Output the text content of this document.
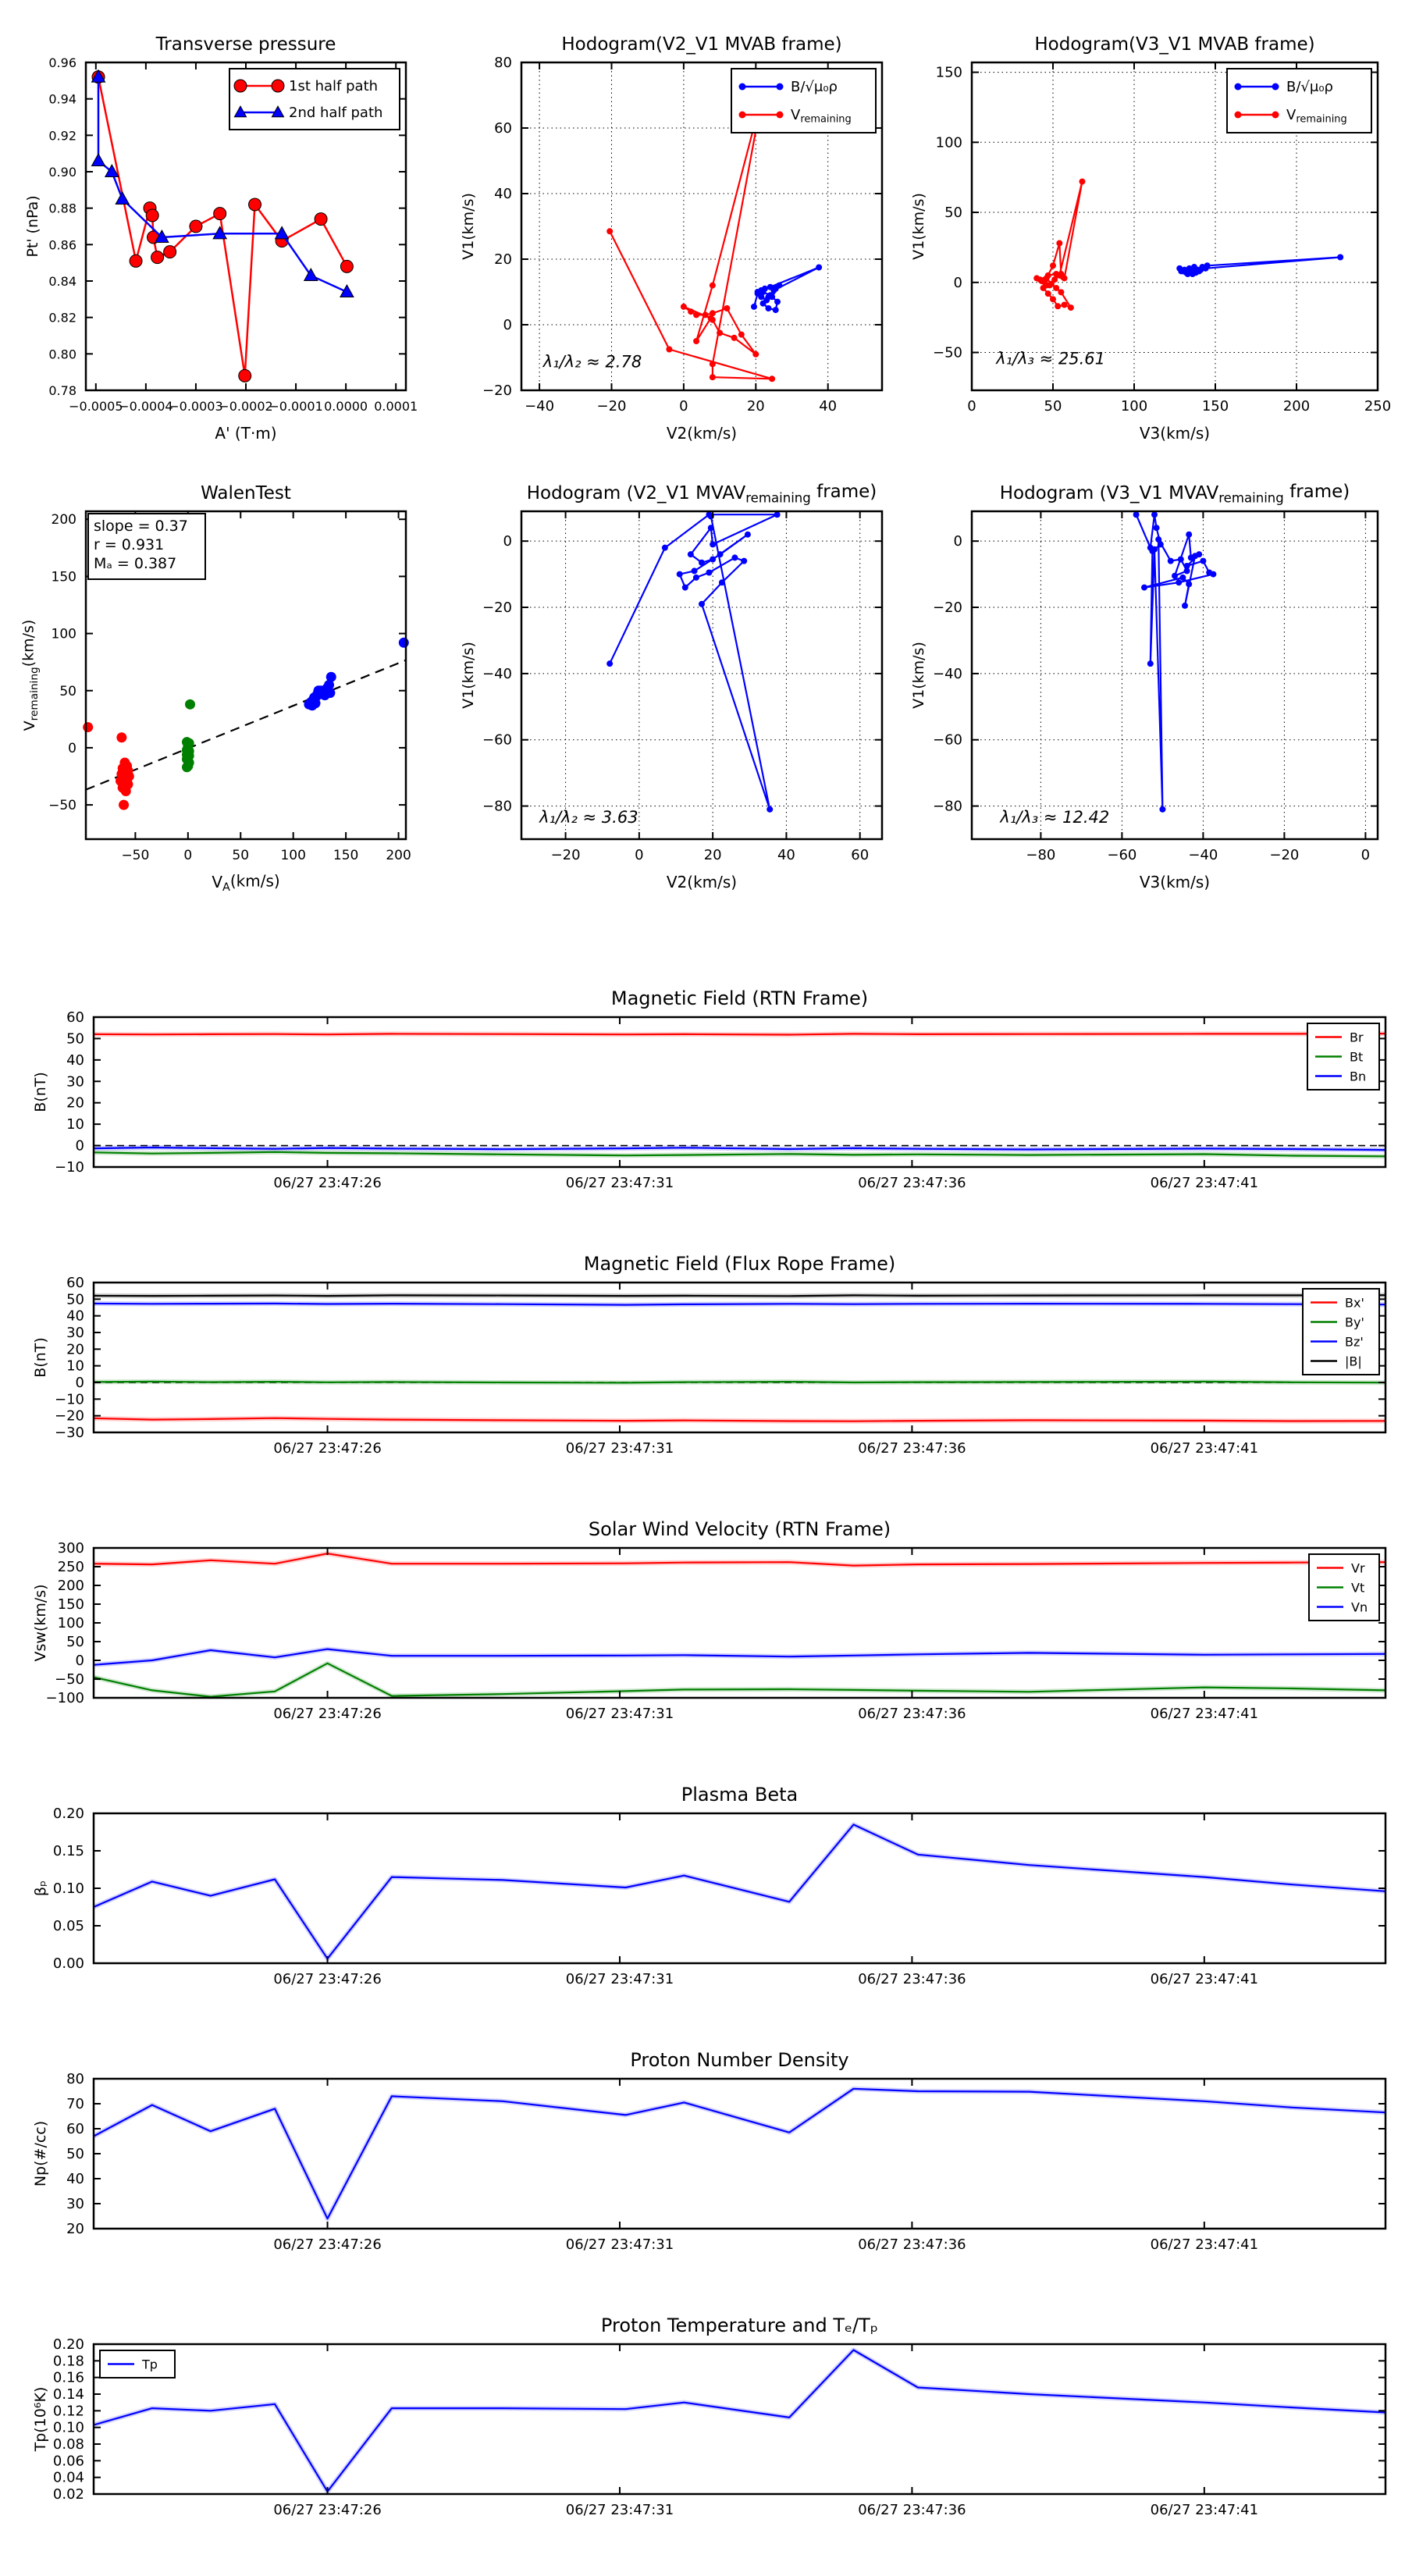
−0.0005
−0.0004
−0.0003
−0.0002
−0.0001 0.0000 0.0001
0.78
0.80
0.82
0.84
0.86
0.88
0.90
0.92
0.94
0.96
Transverse pressure
A' (T·m)
Pt' (nPa)
1st half path
2nd half path
−40	−20	0	20	40
−20
0
20
40
60
80
Hodogram(V2_V1 MVAB frame)
V2(km/s)
V1(km/s)
λ₁/λ₂ ≈ 2.78
B/√μ₀ρ
$V_{remaining}$
0	50	100	150	200	250
−50
0
50
100
150
Hodogram(V3_V1 MVAB frame)
V3(km/s)
V1(km/s)
λ₁/λ₃ ≈ 25.61
B/√μ₀ρ
$V_{remaining}$
−50	0	50 100 150 200
−50
0
50
100
150
200
WalenTest
$V_A(km/s)$
$V_{remaining}(km/s)$
slope = 0.37
r = 0.931
Mₐ = 0.387
−20	0	20	40	60
−80
−60
−40
−20
0
Hodogram (V2_V1 $MVAV_{remaining}$ frame)
V2(km/s)
V1(km/s)
λ₁/λ₂ ≈ 3.63
−80	−60	−40	−20	0
−80
−60
−40
−20
0
Hodogram (V3_V1 $MVAV_{remaining}$ frame)
V3(km/s)
V1(km/s)
λ₁/λ₃ ≈ 12.42
06/27 23:47:26	06/27 23:47:31	06/27 23:47:36	06/27 23:47:41
−10
0
10
20
30
40
50
60
Magnetic Field (RTN Frame)
B(nT)
Br
Bt
Bn
06/27 23:47:26	06/27 23:47:31	06/27 23:47:36	06/27 23:47:41
−30
−20
−10
0
10
20
30
40
50
60
Magnetic Field (Flux Rope Frame)
B(nT)
Bx'
By'
Bz'
|B|
06/27 23:47:26	06/27 23:47:31	06/27 23:47:36	06/27 23:47:41
−100
−50
0
50
100
150
200
250
300
Solar Wind Velocity (RTN Frame)
Vsw(km/s)
Vr
Vt
Vn
06/27 23:47:26	06/27 23:47:31	06/27 23:47:36	06/27 23:47:41
0.00
0.05
0.10
0.15
0.20
Plasma Beta
βₚ
06/27 23:47:26	06/27 23:47:31	06/27 23:47:36	06/27 23:47:41
20
30
40
50
60
70
80
Proton Number Density
Np(#/cc)
06/27 23:47:26	06/27 23:47:31	06/27 23:47:36	06/27 23:47:41
0.02
0.04
0.06
0.08
0.10
0.12
0.14
0.16
0.18
0.20
Proton Temperature and Tₑ/Tₚ
Tp(10⁶K)
Tp
